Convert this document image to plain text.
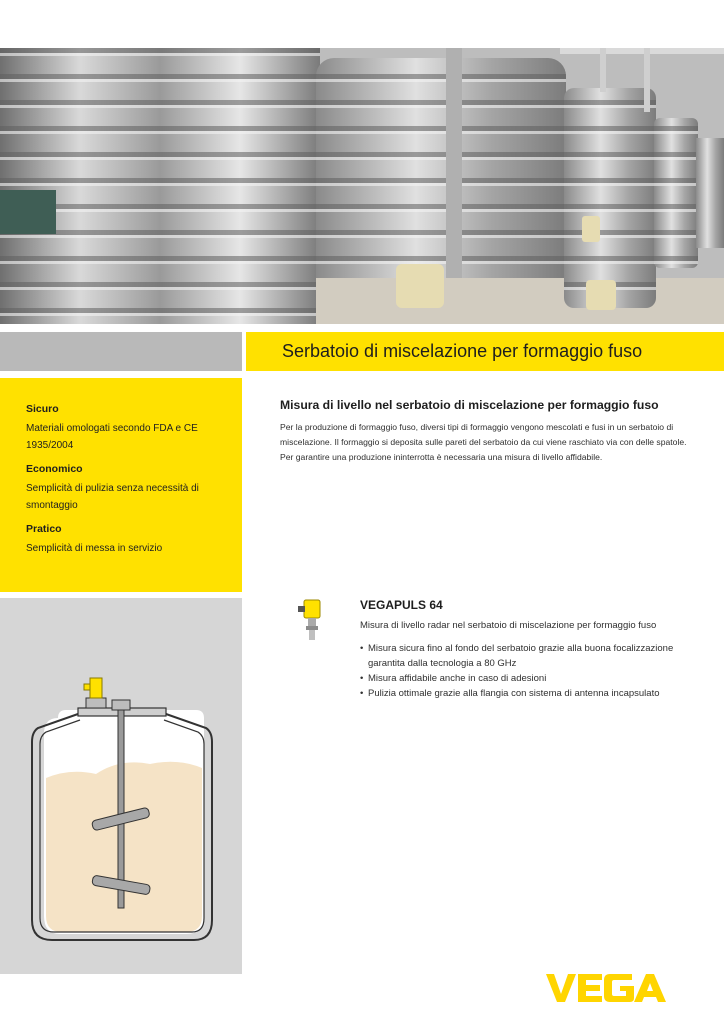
Serbatoio di miscelazione per formaggio fuso
Sicuro
Materiali omologati secondo FDA e CE 1935/2004
Economico
Semplicità di pulizia senza necessità di smontaggio
Pratico
Semplicità di messa in servizio
Misura di livello nel serbatoio di miscelazione per formaggio fuso

Per la produzione di formaggio fuso, diversi tipi di formaggio vengono mescolati e fusi in un serbatoio di miscelazione. Il formaggio si deposita sulle pareti del serbatoio da cui viene raschiato via con delle spatole. Per garantire una produzione ininterrotta è necessaria una misura di livello affidabile.

VEGAPULS 64

Misura di livello radar nel serbatoio di miscelazione per formaggio fuso

• Misura sicura fino al fondo del serbatoio grazie alla buona focalizzazione garantita dalla tecnologia a 80 GHz
• Misura affidabile anche in caso di adesioni
• Pulizia ottimale grazie alla flangia con sistema di antenna incapsulato
